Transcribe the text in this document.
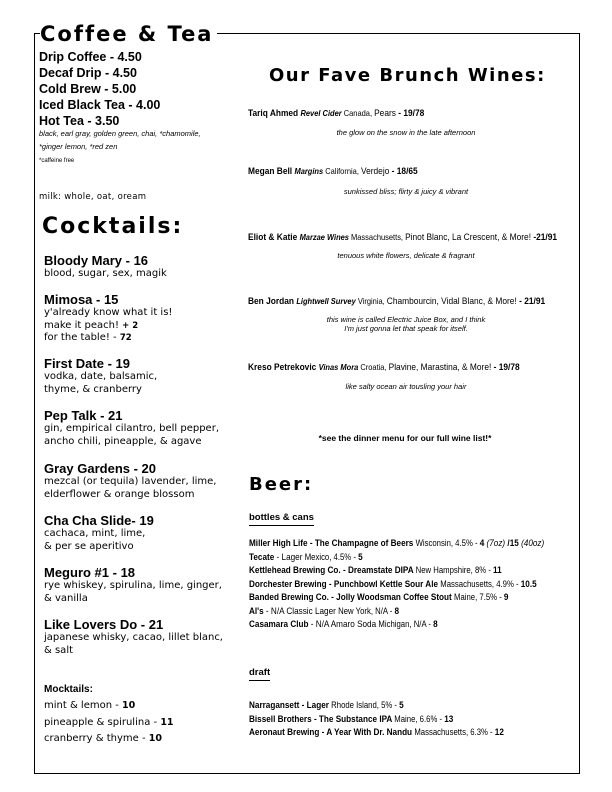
Coffee & Tea
Drip Coffee - 4.50
Decaf Drip - 4.50
Cold Brew - 5.00
Iced Black Tea - 4.00
Hot Tea - 3.50
black, earl gray, golden green, chai, *chamomile,
*ginger lemon, *red zen
*caffeine free
milk: whole, oat, oream
Cocktails:
Bloody Mary - 16
blood, sugar, sex, magik
Mimosa - 15
y'already know what it is!
make it peach! + 2
for the table! - 72
First Date - 19
vodka, date, balsamic,
thyme, & cranberry
Pep Talk - 21
gin, empirical cilantro, bell pepper,
ancho chili, pineapple, & agave
Gray Gardens - 20
mezcal (or tequila) lavender, lime,
elderflower & orange blossom
Cha Cha Slide- 19
cachaca, mint, lime,
& per se aperitivo
Meguro #1 - 18
rye whiskey, spirulina, lime, ginger,
& vanilla
Like Lovers Do - 21
japanese whisky, cacao, lillet blanc,
& salt
Mocktails:
mint & lemon - 10
pineapple & spirulina - 11
cranberry & thyme - 10
Our Fave Brunch Wines:
Tariq Ahmed Revel Cider Canada, Pears - 19/78
the glow on the snow in the late afternoon
Megan Bell Margins California, Verdejo - 18/65
sunkissed bliss; flirty & juicy & vibrant
Eliot & Katie Marzae Wines Massachusetts, Pinot Blanc, La Crescent, & More! -21/91
tenuous white flowers, delicate & fragrant
Ben Jordan Lightwell Survey Virginia, Chambourcin, Vidal Blanc, & More! - 21/91
this wine is called Electric Juice Box, and I think
I'm just gonna let that speak for itself.
Kreso Petrekovic Vinas Mora Croatia, Plavine, Marastina, & More! - 19/78
like salty ocean air tousling your hair
*see the dinner menu for our full wine list!*
Beer:
bottles & cans
Miller High Life - The Champagne of Beers Wisconsin, 4.5% - 4 (7oz) /15 (40oz)
Tecate - Lager Mexico, 4.5% - 5
Kettlehead Brewing Co. - Dreamstate DIPA New Hampshire, 8% - 11
Dorchester Brewing - Punchbowl Kettle Sour Ale Massachusetts, 4.9% - 10.5
Banded Brewing Co. - Jolly Woodsman Coffee Stout Maine, 7.5% - 9
Al's - N/A Classic Lager New York, N/A - 8
Casamara Club - N/A Amaro Soda Michigan, N/A - 8
draft
Narragansett - Lager Rhode Island, 5% - 5
Bissell Brothers - The Substance IPA Maine, 6.6% - 13
Aeronaut Brewing - A Year With Dr. Nandu Massachusetts, 6.3% - 12
